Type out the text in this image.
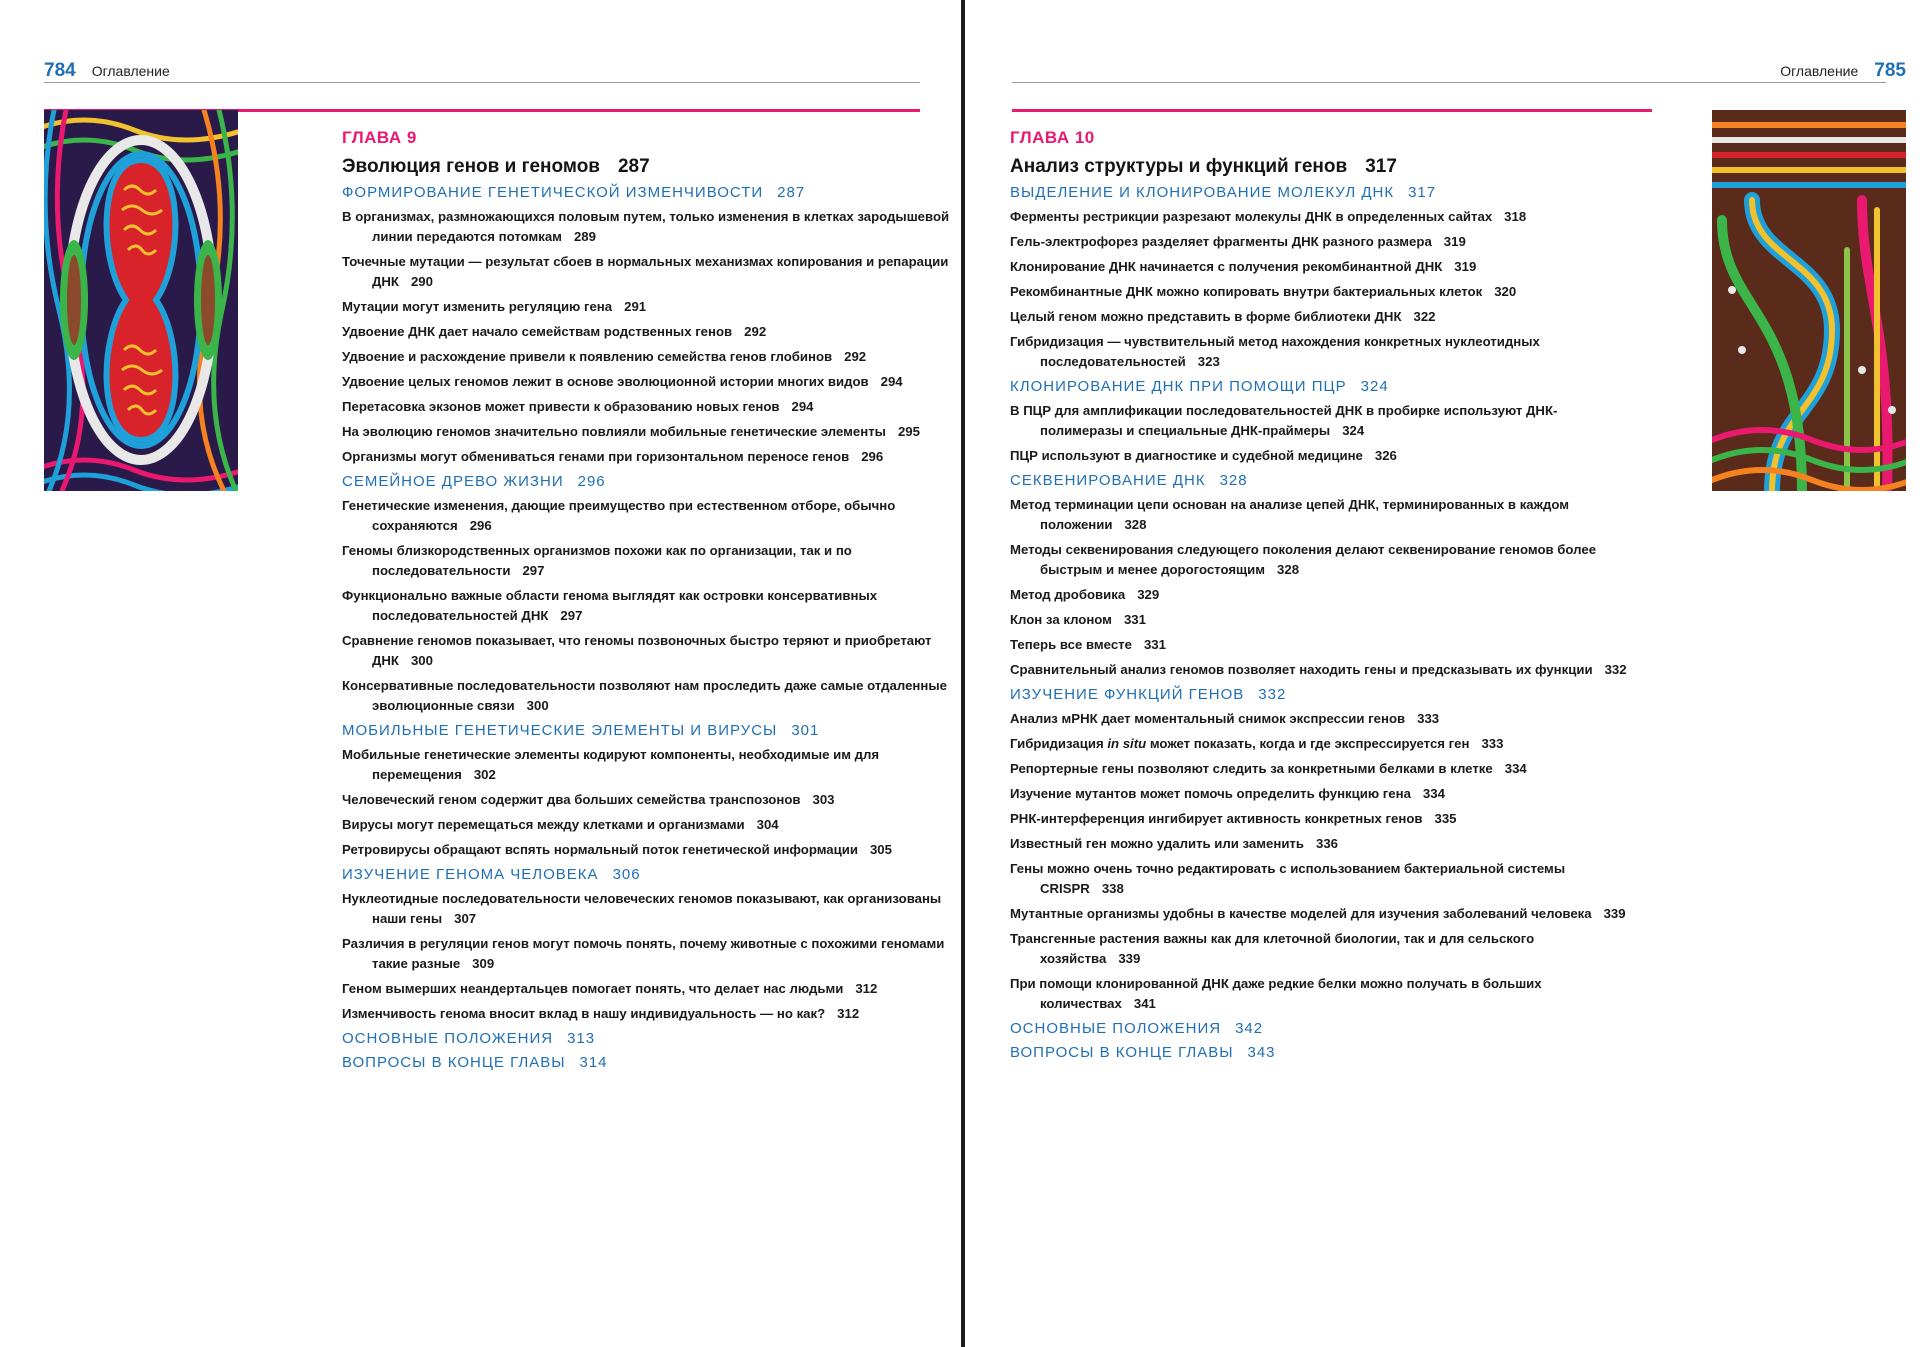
784 Оглавление
ГЛАВА 9
Эволюция генов и геномов 287
ФОРМИРОВАНИЕ ГЕНЕТИЧЕСКОЙ ИЗМЕНЧИВОСТИ 287
В организмах, размножающихся половым путем, только изменения в клетках зародышевой линии передаются потомкам 289
Точечные мутации — результат сбоев в нормальных механизмах копирования и репарации ДНК 290
Мутации могут изменить регуляцию гена 291
Удвоение ДНК дает начало семействам родственных генов 292
Удвоение и расхождение привели к появлению семейства генов глобинов 292
Удвоение целых геномов лежит в основе эволюционной истории многих видов 294
Перетасовка экзонов может привести к образованию новых генов 294
На эволюцию геномов значительно повлияли мобильные генетические элементы 295
Организмы могут обмениваться генами при горизонтальном переносе генов 296
СЕМЕЙНОЕ ДРЕВО ЖИЗНИ 296
Генетические изменения, дающие преимущество при естественном отборе, обычно сохраняются 296
Геномы близкородственных организмов похожи как по организации, так и по последовательности 297
Функционально важные области генома выглядят как островки консервативных последовательностей ДНК 297
Сравнение геномов показывает, что геномы позвоночных быстро теряют и приобретают ДНК 300
Консервативные последовательности позволяют нам проследить даже самые отдаленные эволюционные связи 300
МОБИЛЬНЫЕ ГЕНЕТИЧЕСКИЕ ЭЛЕМЕНТЫ И ВИРУСЫ 301
Мобильные генетические элементы кодируют компоненты, необходимые им для перемещения 302
Человеческий геном содержит два больших семейства транспозонов 303
Вирусы могут перемещаться между клетками и организмами 304
Ретровирусы обращают вспять нормальный поток генетической информации 305
ИЗУЧЕНИЕ ГЕНОМА ЧЕЛОВЕКА 306
Нуклеотидные последовательности человеческих геномов показывают, как организованы наши гены 307
Различия в регуляции генов могут помочь понять, почему животные с похожими геномами такие разные 309
Геном вымерших неандертальцев помогает понять, что делает нас людьми 312
Изменчивость генома вносит вклад в нашу индивидуальность — но как? 312
ОСНОВНЫЕ ПОЛОЖЕНИЯ 313
ВОПРОСЫ В КОНЦЕ ГЛАВЫ 314
Оглавление 785
ГЛАВА 10
Анализ структуры и функций генов 317
ВЫДЕЛЕНИЕ И КЛОНИРОВАНИЕ МОЛЕКУЛ ДНК 317
Ферменты рестрикции разрезают молекулы ДНК в определенных сайтах 318
Гель-электрофорез разделяет фрагменты ДНК разного размера 319
Клонирование ДНК начинается с получения рекомбинантной ДНК 319
Рекомбинантные ДНК можно копировать внутри бактериальных клеток 320
Целый геном можно представить в форме библиотеки ДНК 322
Гибридизация — чувствительный метод нахождения конкретных нуклеотидных последовательностей 323
КЛОНИРОВАНИЕ ДНК ПРИ ПОМОЩИ ПЦР 324
В ПЦР для амплификации последовательностей ДНК в пробирке используют ДНК-полимеразы и специальные ДНК-праймеры 324
ПЦР используют в диагностике и судебной медицине 326
СЕКВЕНИРОВАНИЕ ДНК 328
Метод терминации цепи основан на анализе цепей ДНК, терминированных в каждом положении 328
Методы секвенирования следующего поколения делают секвенирование геномов более быстрым и менее дорогостоящим 328
Метод дробовика 329
Клон за клоном 331
Теперь все вместе 331
Сравнительный анализ геномов позволяет находить гены и предсказывать их функции 332
ИЗУЧЕНИЕ ФУНКЦИЙ ГЕНОВ 332
Анализ мРНК дает моментальный снимок экспрессии генов 333
Гибридизация in situ может показать, когда и где экспрессируется ген 333
Репортерные гены позволяют следить за конкретными белками в клетке 334
Изучение мутантов может помочь определить функцию гена 334
РНК-интерференция ингибирует активность конкретных генов 335
Известный ген можно удалить или заменить 336
Гены можно очень точно редактировать с использованием бактериальной системы CRISPR 338
Мутантные организмы удобны в качестве моделей для изучения заболеваний человека 339
Трансгенные растения важны как для клеточной биологии, так и для сельского хозяйства 339
При помощи клонированной ДНК даже редкие белки можно получать в больших количествах 341
ОСНОВНЫЕ ПОЛОЖЕНИЯ 342
ВОПРОСЫ В КОНЦЕ ГЛАВЫ 343
